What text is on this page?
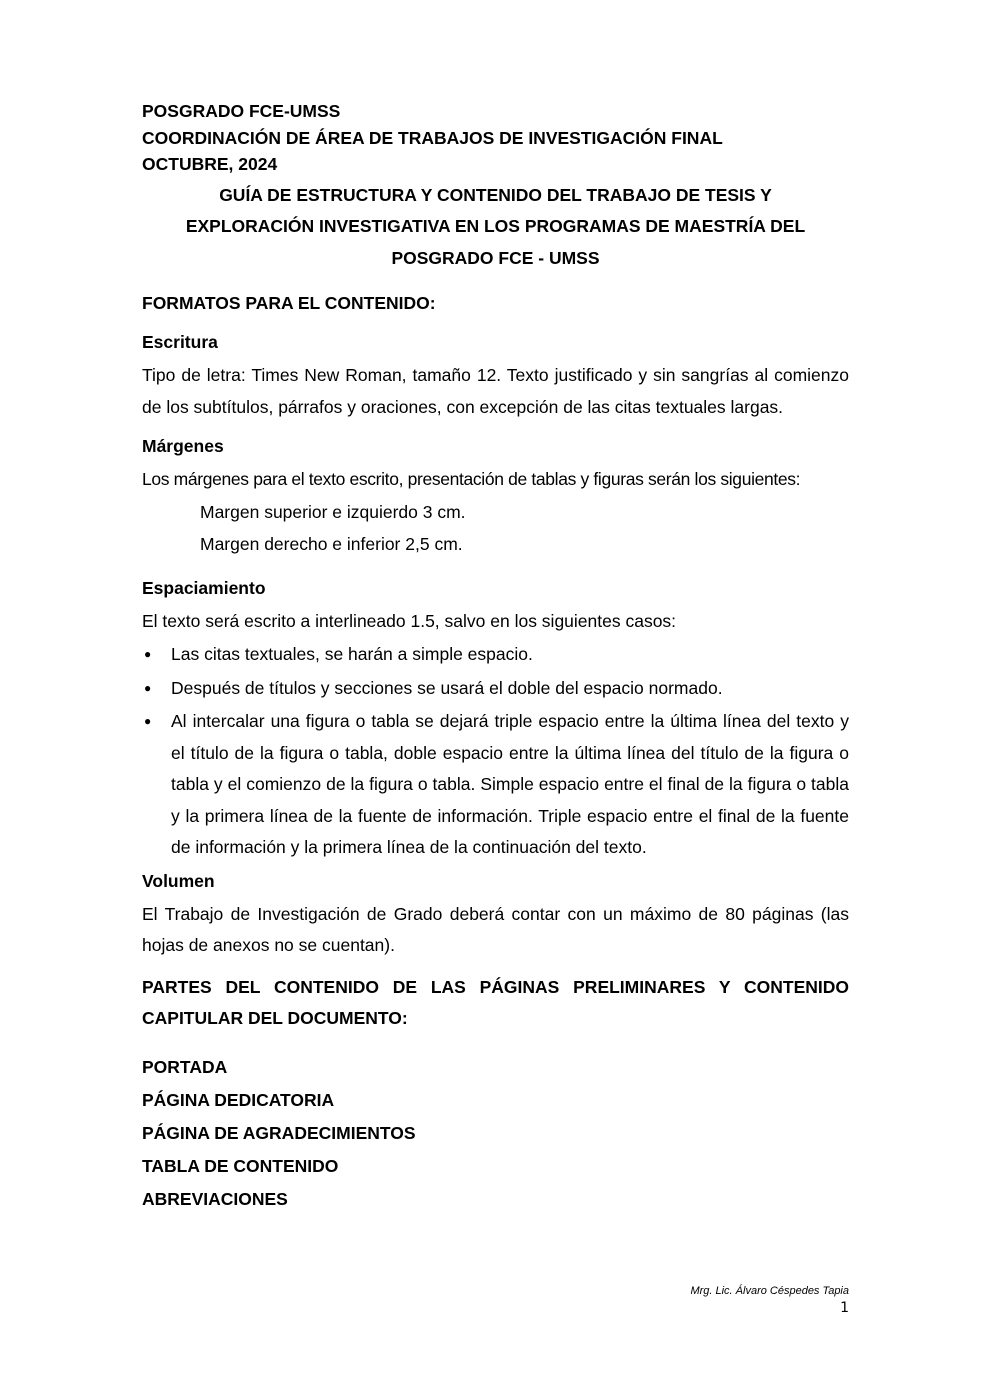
POSGRADO FCE-UMSS

COORDINACIÓN DE ÁREA DE TRABAJOS DE INVESTIGACIÓN FINAL

OCTUBRE, 2024

GUÍA DE ESTRUCTURA Y CONTENIDO DEL TRABAJO DE TESIS Y

EXPLORACIÓN INVESTIGATIVA EN LOS PROGRAMAS DE MAESTRÍA DEL

POSGRADO FCE - UMSS

FORMATOS PARA EL CONTENIDO:

Escritura

Tipo de letra: Times New Roman, tamaño 12. Texto justificado y sin sangrías al comienzo de los subtítulos, párrafos y oraciones, con excepción de las citas textuales largas.

Márgenes

Los márgenes para el texto escrito, presentación de tablas y figuras serán los siguientes:

Margen superior e izquierdo 3 cm.

Margen derecho e inferior 2,5 cm.

Espaciamiento

El texto será escrito a interlineado 1.5, salvo en los siguientes casos:

● Las citas textuales, se harán a simple espacio.
● Después de títulos y secciones se usará el doble del espacio normado.
● Al intercalar una figura o tabla se dejará triple espacio entre la última línea del texto y el título de la figura o tabla, doble espacio entre la última línea del título de la figura o tabla y el comienzo de la figura o tabla. Simple espacio entre el final de la figura o tabla y la primera línea de la fuente de información. Triple espacio entre el final de la fuente de información y la primera línea de la continuación del texto.

Volumen

El Trabajo de Investigación de Grado deberá contar con un máximo de 80 páginas (las hojas de anexos no se cuentan).

PARTES DEL CONTENIDO DE LAS PÁGINAS PRELIMINARES Y CONTENIDO CAPITULAR DEL DOCUMENTO:

PORTADA

PÁGINA DEDICATORIA

PÁGINA DE AGRADECIMIENTOS

TABLA DE CONTENIDO

ABREVIACIONES

Mrg. Lic. Álvaro Céspedes Tapia
1
